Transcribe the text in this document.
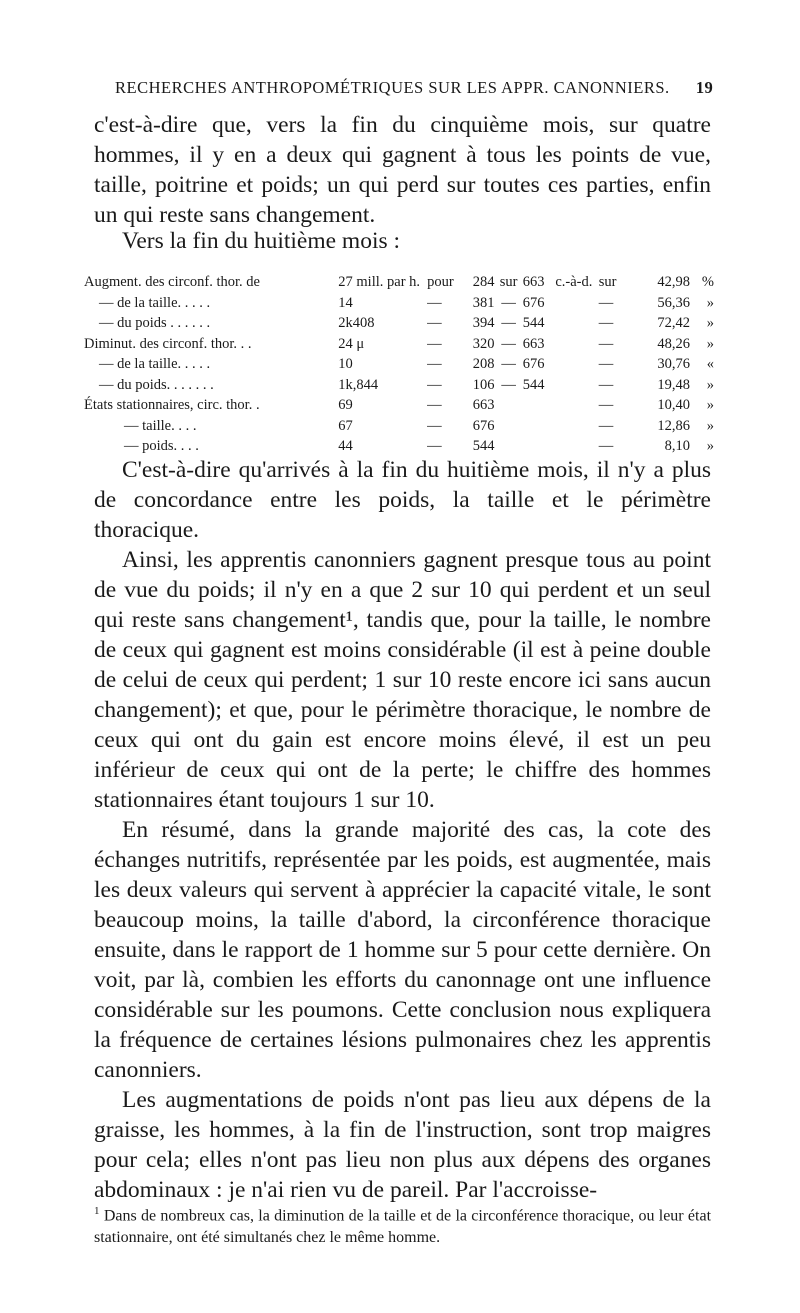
RECHERCHES ANTHROPOMÉTRIQUES SUR LES APPR. CANONNIERS. 19

c'est-à-dire que, vers la fin du cinquième mois, sur quatre hommes, il y en a deux qui gagnent à tous les points de vue, taille, poitrine et poids; un qui perd sur toutes ces parties, enfin un qui reste sans changement.

Vers la fin du huitième mois :
Augment. des circonf. thor. de	27 mill. par h.	pour	284	sur	663	c.-à-d.	sur	42,98	%
— de la taille. . . . .	14	—	381	—	676		—	56,36	»
— du poids . . . . . .	2k408	—	394	—	544		—	72,42	»
Diminut. des circonf. thor. . .	24 μ	—	320	—	663		—	48,26	»
— de la taille. . . . .	10	—	208	—	676		—	30,76	«
— du poids. . . . . . .	1k,844	—	106	—	544		—	19,48	»
États stationnaires, circ. thor. .	69	—	663				—	10,40	»
— taille. . . .	67	—	676				—	12,86	»
— poids. . . .	44	—	544				—	8,10	»

C'est-à-dire qu'arrivés à la fin du huitième mois, il n'y a plus de concordance entre les poids, la taille et le périmètre thoracique.

Ainsi, les apprentis canonniers gagnent presque tous au point de vue du poids; il n'y en a que 2 sur 10 qui perdent et un seul qui reste sans changement¹, tandis que, pour la taille, le nombre de ceux qui gagnent est moins considérable (il est à peine double de celui de ceux qui perdent; 1 sur 10 reste encore ici sans aucun changement); et que, pour le périmètre thoracique, le nombre de ceux qui ont du gain est encore moins élevé, il est un peu inférieur de ceux qui ont de la perte; le chiffre des hommes stationnaires étant toujours 1 sur 10.

En résumé, dans la grande majorité des cas, la cote des échanges nutritifs, représentée par les poids, est augmentée, mais les deux valeurs qui servent à apprécier la capacité vitale, le sont beaucoup moins, la taille d'abord, la circonférence thoracique ensuite, dans le rapport de 1 homme sur 5 pour cette dernière. On voit, par là, combien les efforts du canonnage ont une influence considérable sur les poumons. Cette conclusion nous expliquera la fréquence de certaines lésions pulmonaires chez les apprentis canonniers.

Les augmentations de poids n'ont pas lieu aux dépens de la graisse, les hommes, à la fin de l'instruction, sont trop maigres pour cela; elles n'ont pas lieu non plus aux dépens des organes abdominaux : je n'ai rien vu de pareil. Par l'accroisse-

$^1$ Dans de nombreux cas, la diminution de la taille et de la circonférence thoracique, ou leur état stationnaire, ont été simultanés chez le même homme.
